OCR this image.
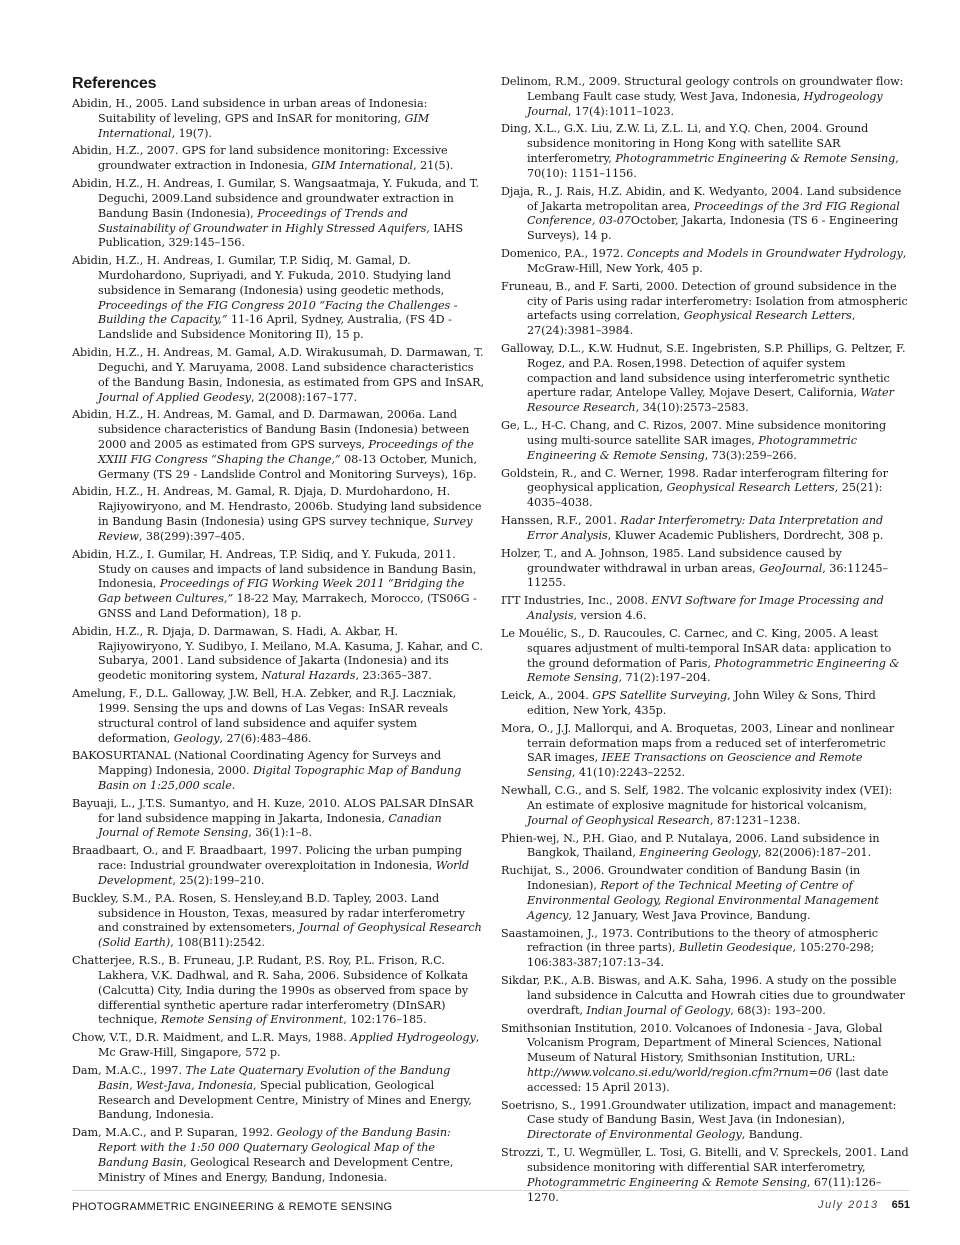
References

Abidin, H., 2005. Land subsidence in urban areas of Indonesia: Suitability of leveling, GPS and InSAR for monitoring, GIM International, 19(7).

Abidin, H.Z., 2007. GPS for land subsidence monitoring: Excessive groundwater extraction in Indonesia, GIM International, 21(5).

Abidin, H.Z., H. Andreas, I. Gumilar, S. Wangsaatmaja, Y. Fukuda, and T. Deguchi, 2009.Land subsidence and groundwater extraction in Bandung Basin (Indonesia), Proceedings of Trends and Sustainability of Groundwater in Highly Stressed Aquifers, IAHS Publication, 329:145–156.

Abidin, H.Z., H. Andreas, I. Gumilar, T.P. Sidiq, M. Gamal, D. Murdohardono, Supriyadi, and Y. Fukuda, 2010. Studying land subsidence in Semarang (Indonesia) using geodetic methods, Proceedings of the FIG Congress 2010 “Facing the Challenges - Building the Capacity,” 11-16 April, Sydney, Australia, (FS 4D - Landslide and Subsidence Monitoring II), 15 p.

Abidin, H.Z., H. Andreas, M. Gamal, A.D. Wirakusumah, D. Darmawan, T. Deguchi, and Y. Maruyama, 2008. Land subsidence characteristics of the Bandung Basin, Indonesia, as estimated from GPS and InSAR, Journal of Applied Geodesy, 2(2008):167–177.

Abidin, H.Z., H. Andreas, M. Gamal, and D. Darmawan, 2006a. Land subsidence characteristics of Bandung Basin (Indonesia) between 2000 and 2005 as estimated from GPS surveys, Proceedings of the XXIII FIG Congress “Shaping the Change,” 08-13 October, Munich, Germany (TS 29 - Landslide Control and Monitoring Surveys), 16p.

Abidin, H.Z., H. Andreas, M. Gamal, R. Djaja, D. Murdohardono, H. Rajiyowiryono, and M. Hendrasto, 2006b. Studying land subsidence in Bandung Basin (Indonesia) using GPS survey technique, Survey Review, 38(299):397–405.

Abidin, H.Z., I. Gumilar, H. Andreas, T.P. Sidiq, and Y. Fukuda, 2011. Study on causes and impacts of land subsidence in Bandung Basin, Indonesia, Proceedings of FIG Working Week 2011 “Bridging the Gap between Cultures,” 18-22 May, Marrakech, Morocco, (TS06G - GNSS and Land Deformation), 18 p.

Abidin, H.Z., R. Djaja, D. Darmawan, S. Hadi, A. Akbar, H. Rajiyowiryono, Y. Sudibyo, I. Meilano, M.A. Kasuma, J. Kahar, and C. Subarya, 2001. Land subsidence of Jakarta (Indonesia) and its geodetic monitoring system, Natural Hazards, 23:365–387.

Amelung, F., D.L. Galloway, J.W. Bell, H.A. Zebker, and R.J. Laczniak, 1999. Sensing the ups and downs of Las Vegas: InSAR reveals structural control of land subsidence and aquifer system deformation, Geology, 27(6):483–486.

BAKOSURTANAL (National Coordinating Agency for Surveys and Mapping) Indonesia, 2000. Digital Topographic Map of Bandung Basin on 1:25,000 scale.

Bayuaji, L., J.T.S. Sumantyo, and H. Kuze, 2010. ALOS PALSAR DInSAR for land subsidence mapping in Jakarta, Indonesia, Canadian Journal of Remote Sensing, 36(1):1–8.

Braadbaart, O., and F. Braadbaart, 1997. Policing the urban pumping race: Industrial groundwater overexploitation in Indonesia, World Development, 25(2):199–210.

Buckley, S.M., P.A. Rosen, S. Hensley,and B.D. Tapley, 2003. Land subsidence in Houston, Texas, measured by radar interferometry and constrained by extensometers, Journal of Geophysical Research (Solid Earth), 108(B11):2542.

Chatterjee, R.S., B. Fruneau, J.P. Rudant, P.S. Roy, P.L. Frison, R.C. Lakhera, V.K. Dadhwal, and R. Saha, 2006. Subsidence of Kolkata (Calcutta) City, India during the 1990s as observed from space by differential synthetic aperture radar interferometry (DInSAR) technique, Remote Sensing of Environment, 102:176–185.

Chow, V.T., D.R. Maidment, and L.R. Mays, 1988. Applied Hydrogeology, Mc Graw-Hill, Singapore, 572 p.

Dam, M.A.C., 1997. The Late Quaternary Evolution of the Bandung Basin, West-Java, Indonesia, Special publication, Geological Research and Development Centre, Ministry of Mines and Energy, Bandung, Indonesia.

Dam, M.A.C., and P. Suparan, 1992. Geology of the Bandung Basin: Report with the 1:50 000 Quaternary Geological Map of the Bandung Basin, Geological Research and Development Centre, Ministry of Mines and Energy, Bandung, Indonesia.

Delinom, R.M., 2009. Structural geology controls on groundwater flow: Lembang Fault case study, West Java, Indonesia, Hydrogeology Journal, 17(4):1011–1023.

Ding, X.L., G.X. Liu, Z.W. Li, Z.L. Li, and Y.Q. Chen, 2004. Ground subsidence monitoring in Hong Kong with satellite SAR interferometry, Photogrammetric Engineering & Remote Sensing, 70(10): 1151–1156.

Djaja, R., J. Rais, H.Z. Abidin, and K. Wedyanto, 2004. Land subsidence of Jakarta metropolitan area, Proceedings of the 3rd FIG Regional Conference, 03-07October, Jakarta, Indonesia (TS 6 - Engineering Surveys), 14 p.

Domenico, P.A., 1972. Concepts and Models in Groundwater Hydrology, McGraw-Hill, New York, 405 p.

Fruneau, B., and F. Sarti, 2000. Detection of ground subsidence in the city of Paris using radar interferometry: Isolation from atmospheric artefacts using correlation, Geophysical Research Letters, 27(24):3981–3984.

Galloway, D.L., K.W. Hudnut, S.E. Ingebristen, S.P. Phillips, G. Peltzer, F. Rogez, and P.A. Rosen,1998. Detection of aquifer system compaction and land subsidence using interferometric synthetic aperture radar, Antelope Valley, Mojave Desert, California, Water Resource Research, 34(10):2573–2583.

Ge, L., H-C. Chang, and C. Rizos, 2007. Mine subsidence monitoring using multi-source satellite SAR images, Photogrammetric Engineering & Remote Sensing, 73(3):259–266.

Goldstein, R., and C. Werner, 1998. Radar interferogram filtering for geophysical application, Geophysical Research Letters, 25(21): 4035–4038.

Hanssen, R.F., 2001. Radar Interferometry: Data Interpretation and Error Analysis, Kluwer Academic Publishers, Dordrecht, 308 p.

Holzer, T., and A. Johnson, 1985. Land subsidence caused by groundwater withdrawal in urban areas, GeoJournal, 36:11245–11255.

ITT Industries, Inc., 2008. ENVI Software for Image Processing and Analysis, version 4.6.

Le Mouélic, S., D. Raucoules, C. Carnec, and C. King, 2005. A least squares adjustment of multi-temporal InSAR data: application to the ground deformation of Paris, Photogrammetric Engineering & Remote Sensing, 71(2):197–204.

Leick, A., 2004. GPS Satellite Surveying, John Wiley & Sons, Third edition, New York, 435p.

Mora, O., J.J. Mallorqui, and A. Broquetas, 2003, Linear and nonlinear terrain deformation maps from a reduced set of interferometric SAR images, IEEE Transactions on Geoscience and Remote Sensing, 41(10):2243–2252.

Newhall, C.G., and S. Self, 1982. The volcanic explosivity index (VEI): An estimate of explosive magnitude for historical volcanism, Journal of Geophysical Research, 87:1231–1238.

Phien-wej, N., P.H. Giao, and P. Nutalaya, 2006. Land subsidence in Bangkok, Thailand, Engineering Geology, 82(2006):187–201.

Ruchijat, S., 2006. Groundwater condition of Bandung Basin (in Indonesian), Report of the Technical Meeting of Centre of Environmental Geology, Regional Environmental Management Agency, 12 January, West Java Province, Bandung.

Saastamoinen, J., 1973. Contributions to the theory of atmospheric refraction (in three parts), Bulletin Geodesique, 105:270-298; 106:383-387;107:13–34.

Sikdar, P.K., A.B. Biswas, and A.K. Saha, 1996. A study on the possible land subsidence in Calcutta and Howrah cities due to groundwater overdraft, Indian Journal of Geology, 68(3): 193–200.

Smithsonian Institution, 2010. Volcanoes of Indonesia - Java, Global Volcanism Program, Department of Mineral Sciences, National Museum of Natural History, Smithsonian Institution, URL: http://www.volcano.si.edu/world/region.cfm?rnum=06 (last date accessed: 15 April 2013).

Soetrisno, S., 1991.Groundwater utilization, impact and management: Case study of Bandung Basin, West Java (in Indonesian), Directorate of Environmental Geology, Bandung.

Strozzi, T., U. Wegmüller, L. Tosi, G. Bitelli, and V. Spreckels, 2001. Land subsidence monitoring with differential SAR interferometry, Photogrammetric Engineering & Remote Sensing, 67(11):126–1270.

PHOTOGRAMMETRIC ENGINEERING & REMOTE SENSING	July 2013 651
